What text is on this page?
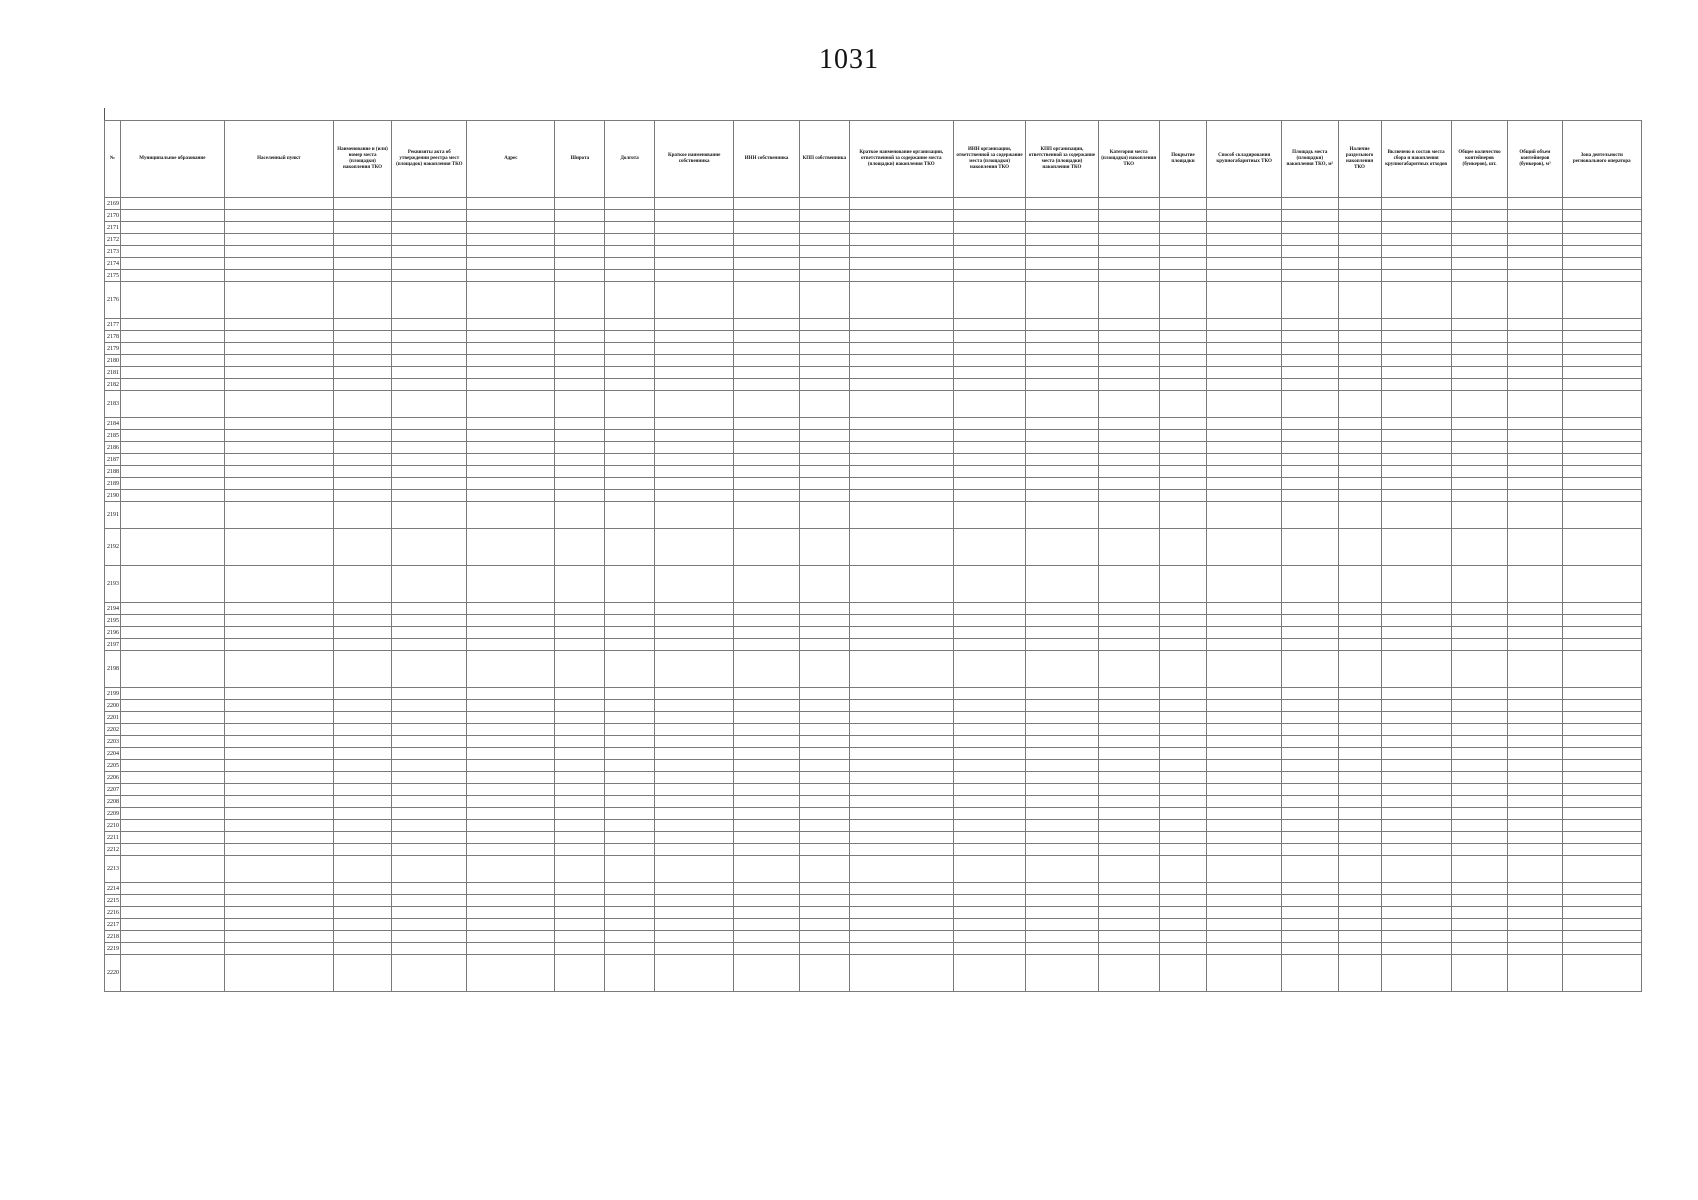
1031
№	Муниципальное образование	Населенный пункт	Наименование и (или) номер места (площадки) накопления ТКО	Реквизиты акта об утверждении реестра мест (площадок) накопления ТКО	Адрес	Широта	Долгота	Краткое наименование собственника	ИНН собственника	КПП собственника	Краткое наименование организации, ответственной за содержание места (площадки) накопления ТКО	ИНН организации, ответственной за содержание места (площадки) накопления ТКО	КПП организации, ответственной за содержание места (площадки) накопления ТКО	Категория места (площадки) накопления ТКО	Покрытие площадки	Способ складирования крупногабаритных ТКО	Площадь места (площадки) накопления ТКО, м²	Наличие раздельного накопления ТКО	Включено в состав места сбора и накопления крупногабаритных отходов	Общее количество контейнеров (бункеров), шт.	Общий объем контейнеров (бункеров), м³	Зона деятельности регионального оператора
2169																						
2170																						
2171																						
2172																						
2173																						
2174																						
2175																						
2176																						
2177																						
2178																						
2179																						
2180																						
2181																						
2182																						
2183																						
2184																						
2185																						
2186																						
2187																						
2188																						
2189																						
2190																						
2191																						
2192																						
2193																						
2194																						
2195																						
2196																						
2197																						
2198																						
2199																						
2200																						
2201																						
2202																						
2203																						
2204																						
2205																						
2206																						
2207																						
2208																						
2209																						
2210																						
2211																						
2212																						
2213																						
2214																						
2215																						
2216																						
2217																						
2218																						
2219																						
2220																						
